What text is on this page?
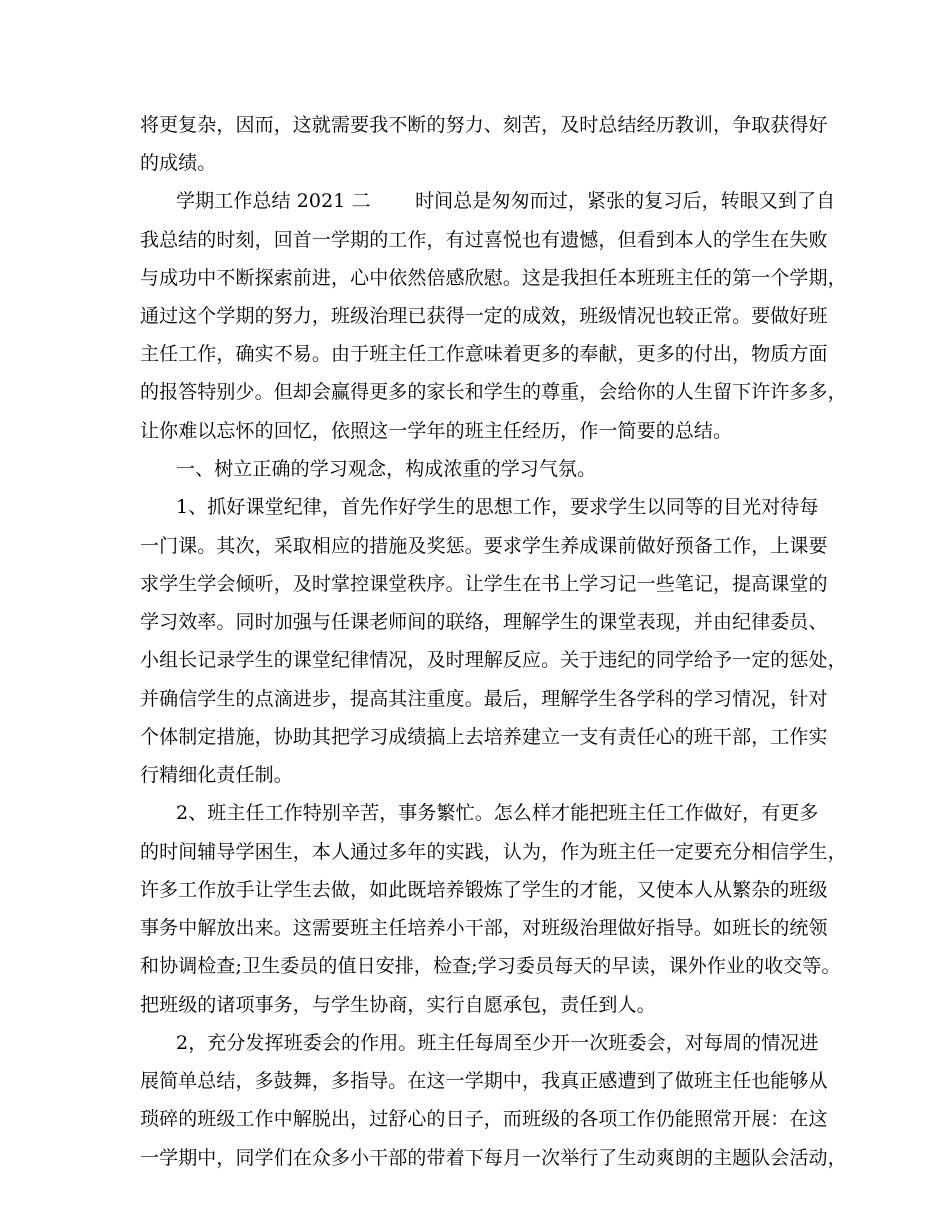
将更复杂，因而，这就需要我不断的努力、刻苦，及时总结经历教训，争取获得好
的成绩。
学期工作总结 2021 二　　 时间总是匆匆而过，紧张的复习后，转眼又到了自
我总结的时刻，回首一学期的工作，有过喜悦也有遗憾，但看到本人的学生在失败
与成功中不断探索前进，心中依然倍感欣慰。这是我担任本班班主任的第一个学期，
通过这个学期的努力，班级治理已获得一定的成效，班级情况也较正常。要做好班
主任工作，确实不易。由于班主任工作意味着更多的奉献，更多的付出，物质方面
的报答特别少。但却会赢得更多的家长和学生的尊重，会给你的人生留下许许多多，
让你难以忘怀的回忆，依照这一学年的班主任经历，作一简要的总结。
一、树立正确的学习观念，构成浓重的学习气氛。
1、抓好课堂纪律，首先作好学生的思想工作，要求学生以同等的目光对待每
一门课。其次，采取相应的措施及奖惩。要求学生养成课前做好预备工作，上课要
求学生学会倾听，及时掌控课堂秩序。让学生在书上学习记一些笔记，提高课堂的
学习效率。同时加强与任课老师间的联络，理解学生的课堂表现，并由纪律委员、
小组长记录学生的课堂纪律情况，及时理解反应。关于违纪的同学给予一定的惩处，
并确信学生的点滴进步，提高其注重度。最后，理解学生各学科的学习情况，针对
个体制定措施，协助其把学习成绩搞上去培养建立一支有责任心的班干部，工作实
行精细化责任制。
2、班主任工作特别辛苦，事务繁忙。怎么样才能把班主任工作做好，有更多
的时间辅导学困生，本人通过多年的实践，认为，作为班主任一定要充分相信学生，
许多工作放手让学生去做，如此既培养锻炼了学生的才能，又使本人从繁杂的班级
事务中解放出来。这需要班主任培养小干部，对班级治理做好指导。如班长的统领
和协调检查;卫生委员的值日安排，检查;学习委员每天的早读，课外作业的收交等。
把班级的诸项事务，与学生协商，实行自愿承包，责任到人。
2，充分发挥班委会的作用。班主任每周至少开一次班委会，对每周的情况进
展简单总结，多鼓舞，多指导。在这一学期中，我真正感遭到了做班主任也能够从
琐碎的班级工作中解脱出，过舒心的日子，而班级的各项工作仍能照常开展：在这
一学期中，同学们在众多小干部的带着下每月一次举行了生动爽朗的主题队会活动，
